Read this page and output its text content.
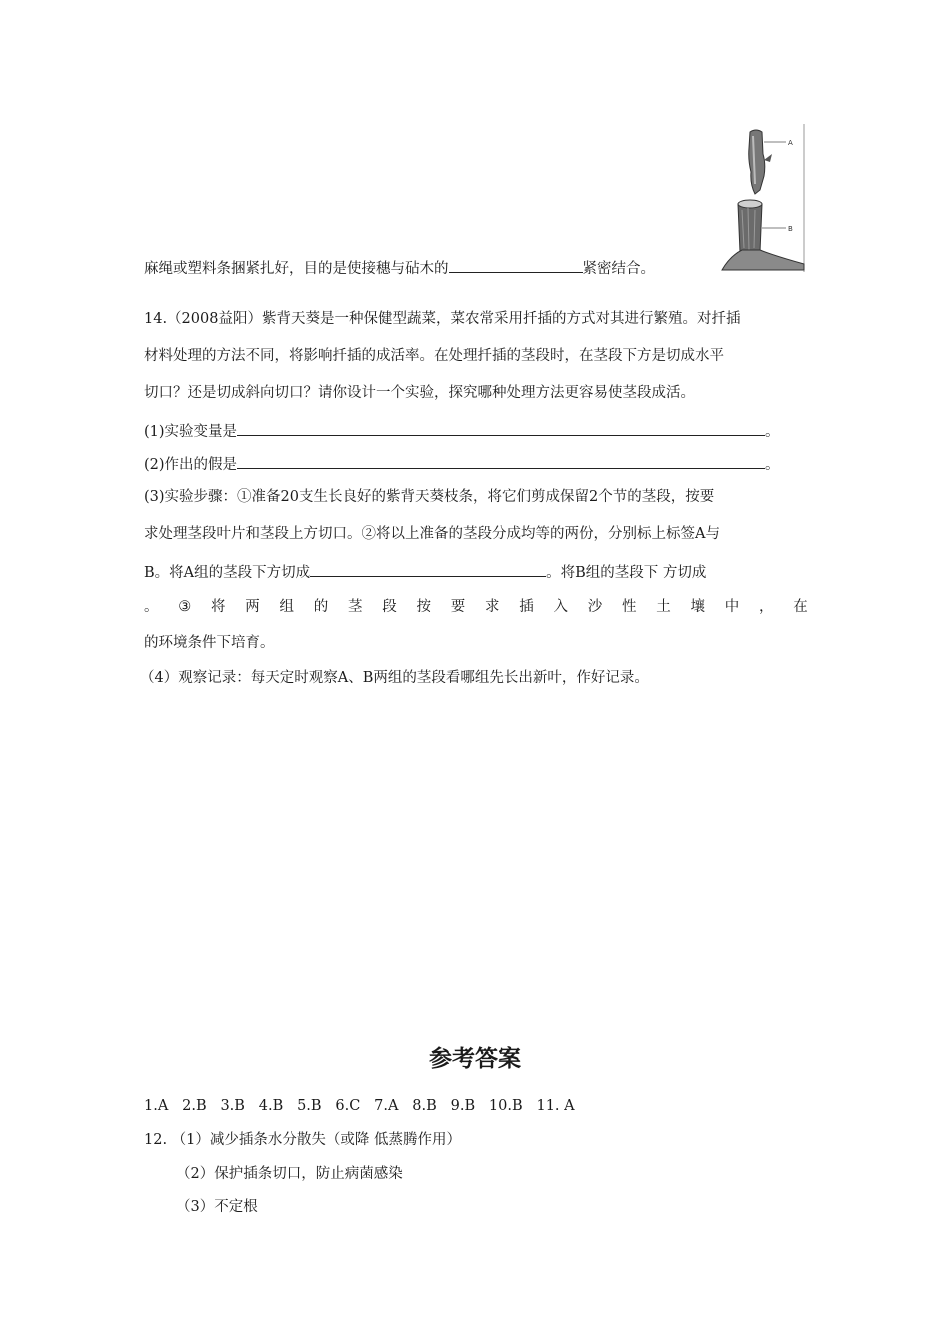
A
B
麻绳或塑料条捆紧扎好，目的是使接穗与砧木的	紧密结合。
14.（2008益阳）紫背天葵是一种保健型蔬菜，菜农常采用扦插的方式对其进行繁殖。对扦插
材料处理的方法不同，将影响扦插的成活率。在处理扦插的茎段时，在茎段下方是切成水平
切口？还是切成斜向切口？请你设计一个实验，探究哪种处理方法更容易使茎段成活。
(1)实验变量是	。
(2)作出的假是	。
(3)实验步骤：①准备20支生长良好的紫背天葵枝条，将它们剪成保留2个节的茎段，按要
求处理茎段叶片和茎段上方切口。②将以上准备的茎段分成均等的两份，分别标上标签A与
B。将A组的茎段下方切成	。将B组的茎段下 方切成
。 ③ 将 两 组 的 茎 段 按 要 求 插 入 沙 性 土 壤 中 ， 在
的环境条件下培育。
（4）观察记录：每天定时观察A、B两组的茎段看哪组先长出新叶，作好记录。
参考答案
1.A   2.B   3.B   4.B   5.B   6.C   7.A   8.B   9.B   10.B   11. A
12. （1）减少插条水分散失（或降 低蒸腾作用）
（2）保护插条切口，防止病菌感染
（3）不定根
